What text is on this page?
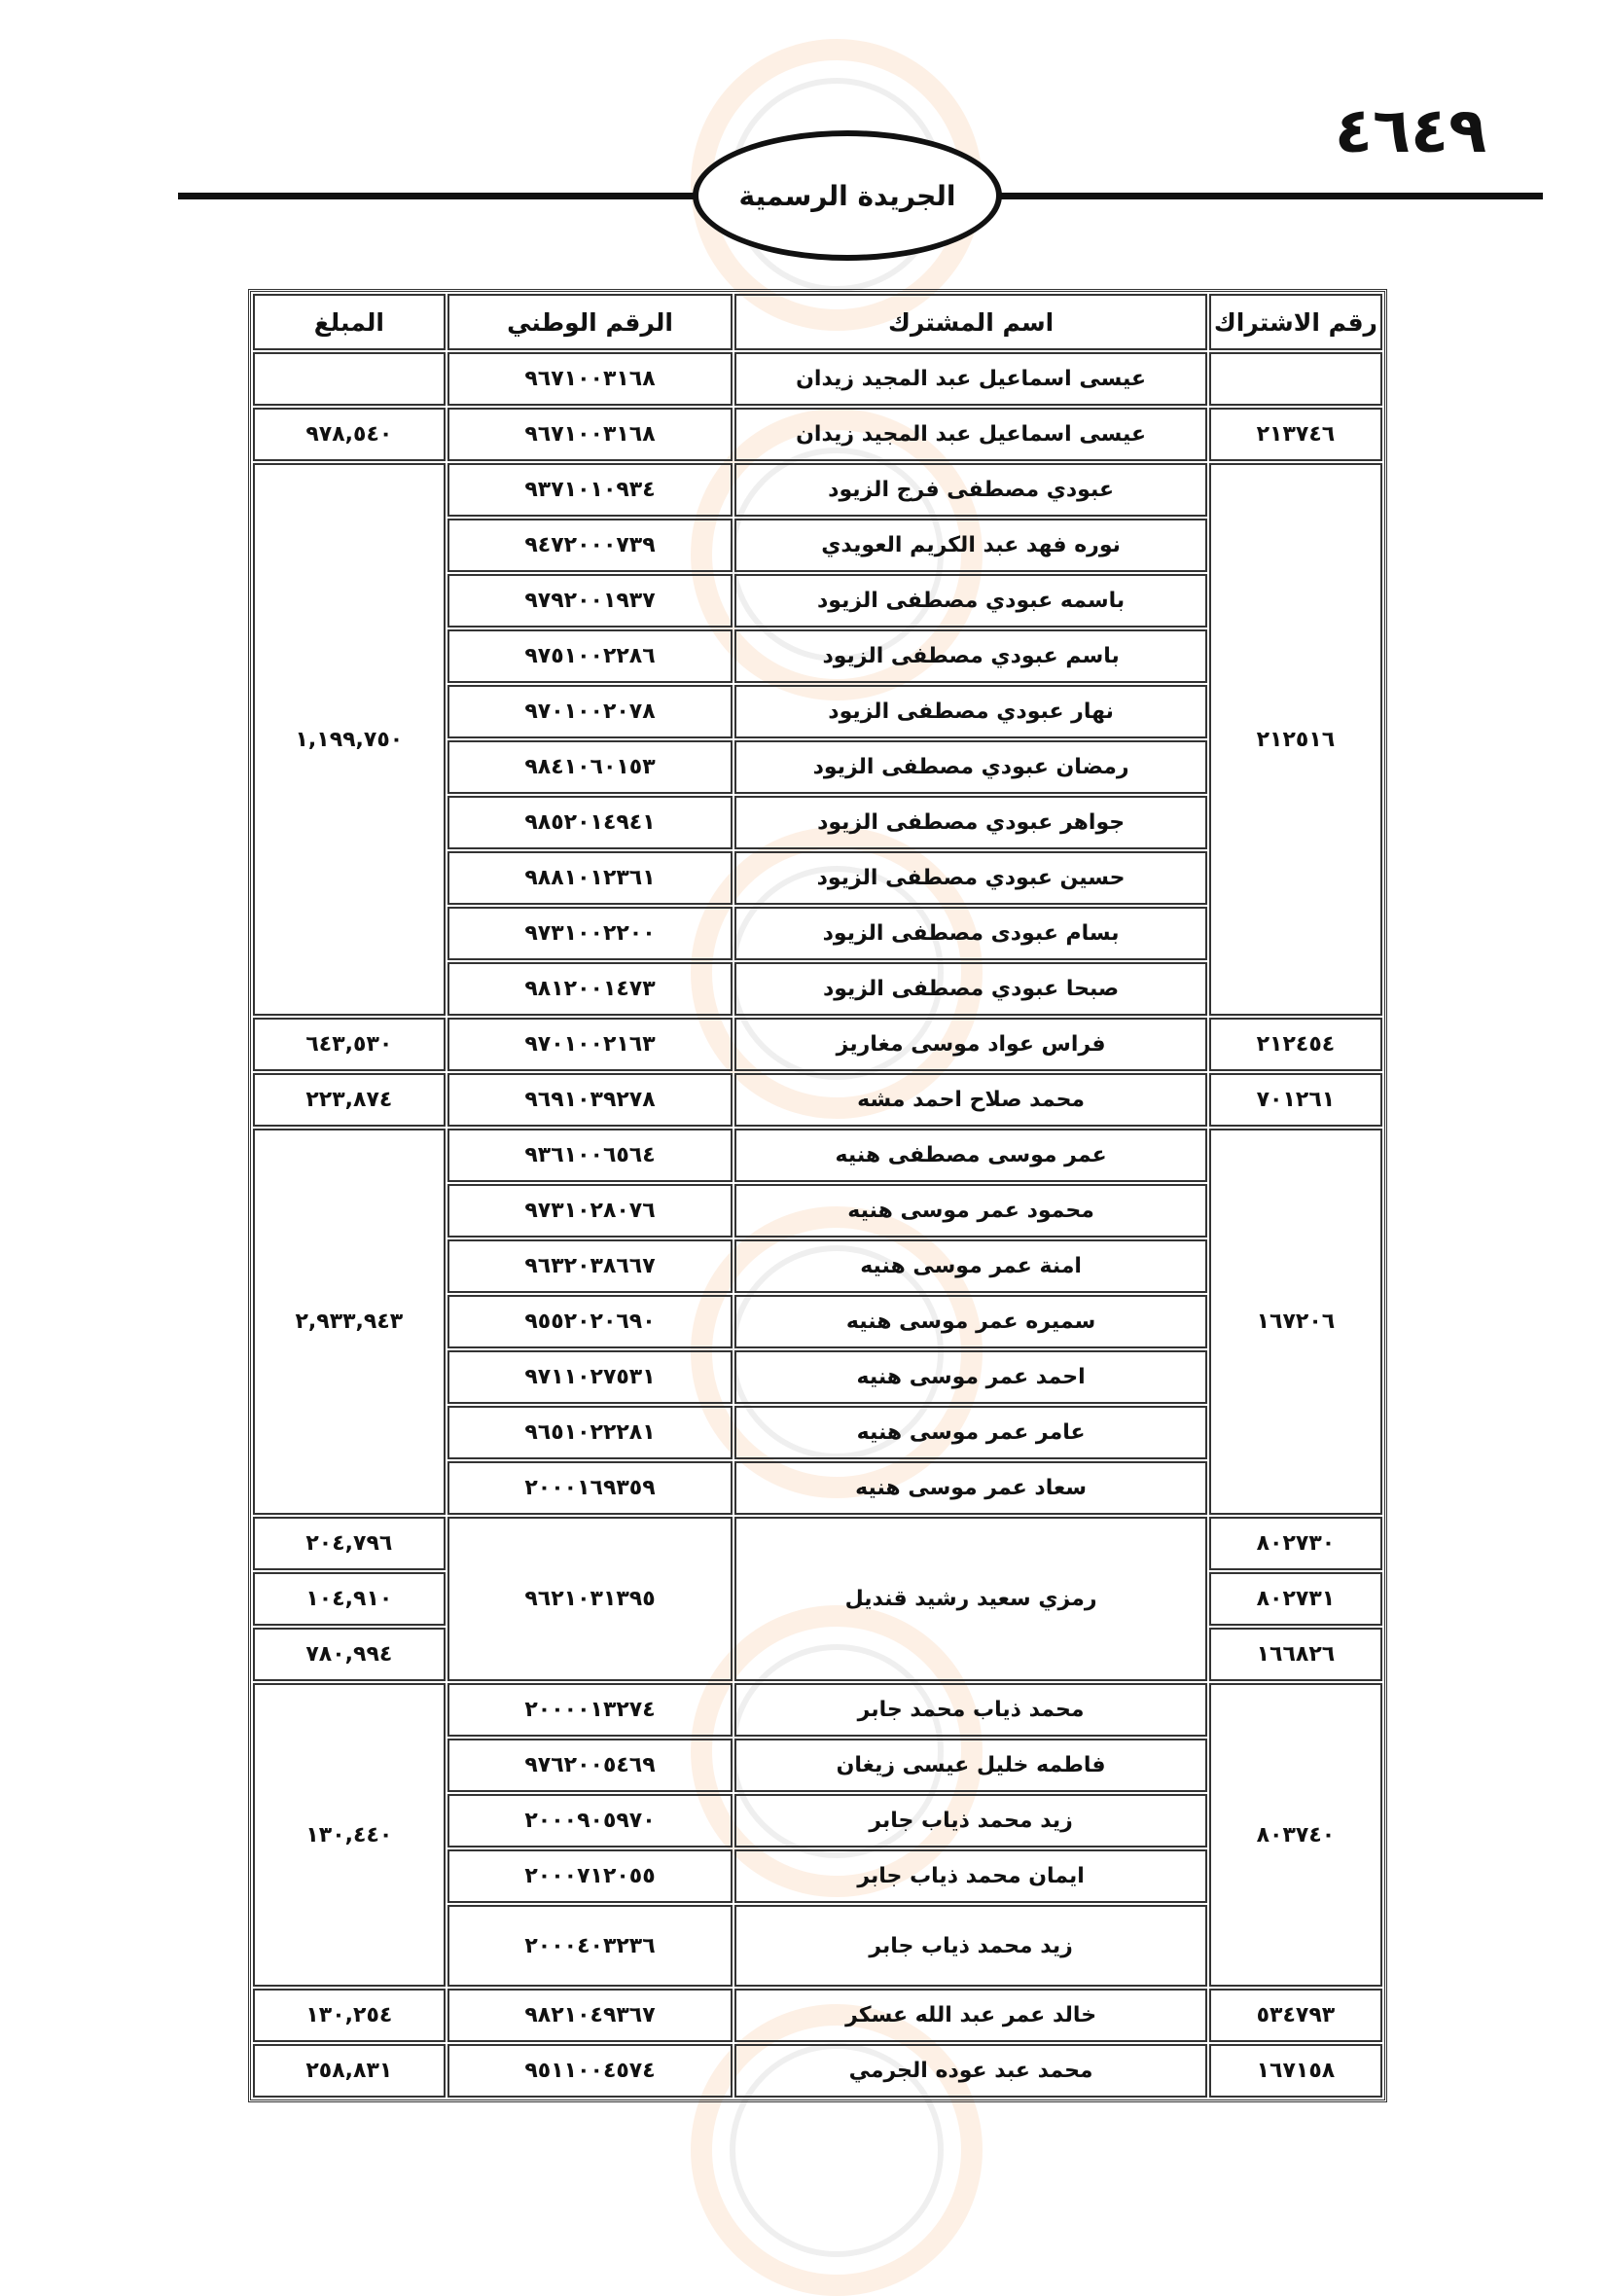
٤٦٤٩
الجريدة الرسمية
رقم الاشتراك	اسم المشترك	الرقم الوطني	المبلغ
	عيسى اسماعيل عبد المجيد زيدان	٩٦٧١٠٠٣١٦٨	
٢١٣٧٤٦	عيسى اسماعيل عبد المجيد زيدان	٩٦٧١٠٠٣١٦٨	٩٧٨,٥٤٠
٢١٢٥١٦	عبودي مصطفى فرج الزيود	٩٣٧١٠١٠٩٣٤	١,١٩٩,٧٥٠
	نوره فهد عبد الكريم العويدي	٩٤٧٢٠٠٠٧٣٩	
	باسمه عبودي مصطفى الزيود	٩٧٩٢٠٠١٩٣٧	
	باسم عبودي مصطفى الزيود	٩٧٥١٠٠٢٢٨٦	
	نهار عبودي مصطفى الزيود	٩٧٠١٠٠٢٠٧٨	
	رمضان عبودي مصطفى الزيود	٩٨٤١٠٦٠١٥٣	
	جواهر عبودي مصطفى الزيود	٩٨٥٢٠١٤٩٤١	
	حسين عبودي مصطفى الزيود	٩٨٨١٠١٢٣٦١	
	بسام عبودى مصطفى الزيود	٩٧٣١٠٠٢٢٠٠	
	صبحا عبودي مصطفى الزيود	٩٨١٢٠٠١٤٧٣	
٢١٢٤٥٤	فراس عواد موسى مغاريز	٩٧٠١٠٠٢١٦٣	٦٤٣,٥٣٠
٧٠١٢٦١	محمد صلاح احمد مشه	٩٦٩١٠٣٩٢٧٨	٢٢٣,٨٧٤
١٦٧٢٠٦	عمر موسى مصطفى هنيه	٩٣٦١٠٠٦٥٦٤	٢,٩٣٣,٩٤٣
	محمود عمر موسى هنيه	٩٧٣١٠٢٨٠٧٦	
	امنة عمر موسى هنيه	٩٦٣٢٠٣٨٦٦٧	
	سميره عمر موسى هنيه	٩٥٥٢٠٢٠٦٩٠	
	احمد عمر موسى هنيه	٩٧١١٠٢٧٥٣١	
	عامر عمر موسى هنيه	٩٦٥١٠٢٢٢٨١	
	سعاد عمر موسى هنيه	٢٠٠٠١٦٩٣٥٩	
٨٠٢٧٣٠	رمزي سعيد رشيد قنديل	٩٦٢١٠٣١٣٩٥	٢٠٤,٧٩٦
٨٠٢٧٣١			١٠٤,٩١٠
١٦٦٨٢٦			٧٨٠,٩٩٤
٨٠٣٧٤٠	محمد ذياب محمد جابر	٢٠٠٠٠١٣٢٧٤	١٣٠,٤٤٠
	فاطمه خليل عيسى زيغان	٩٧٦٢٠٠٥٤٦٩	
	زيد محمد ذياب جابر	٢٠٠٠٩٠٥٩٧٠	
	ايمان محمد ذياب جابر	٢٠٠٠٧١٢٠٥٥	
	زيد محمد ذياب جابر	٢٠٠٠٤٠٣٢٣٦	
٥٣٤٧٩٣	خالد عمر عبد الله عسكر	٩٨٢١٠٤٩٣٦٧	١٣٠,٢٥٤
١٦٧١٥٨	محمد عبد عوده الجرمي	٩٥١١٠٠٤٥٧٤	٢٥٨,٨٣١
